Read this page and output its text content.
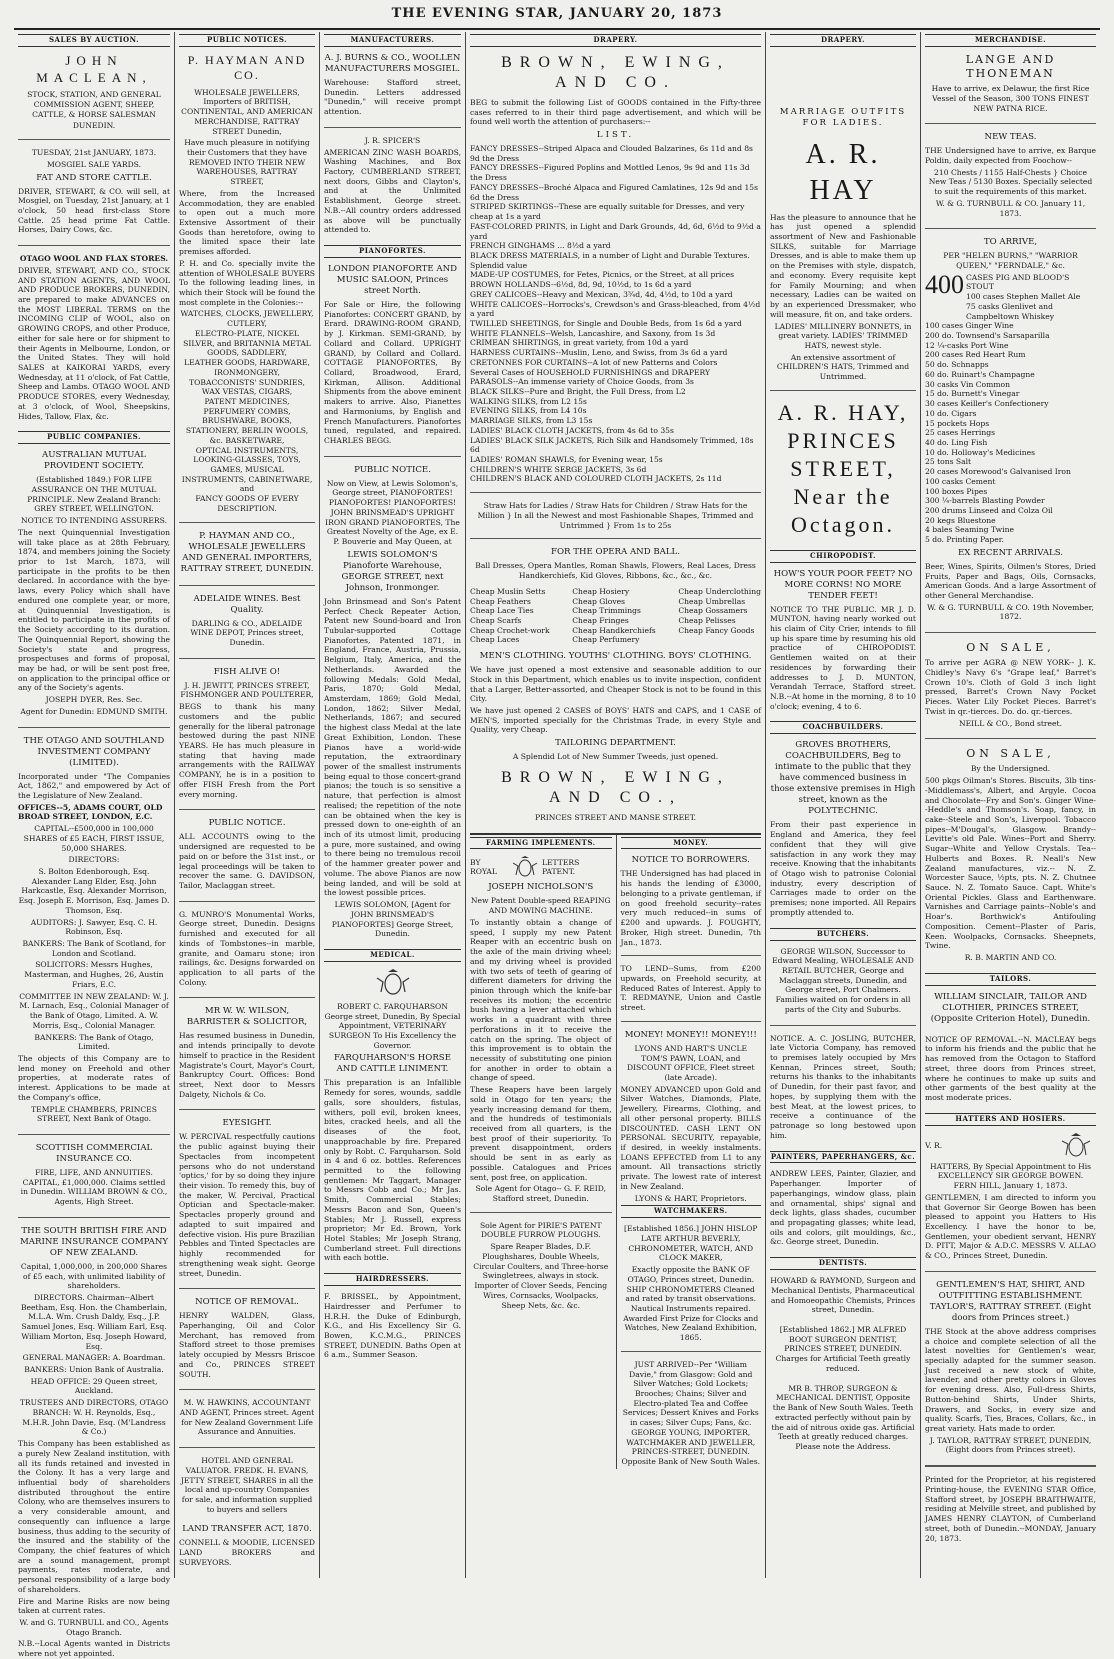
THE EVENING STAR, JANUARY 20, 1873
SALES BY AUCTION.
JOHN MACLEAN,

STOCK, STATION, AND GENERAL COMMISSION AGENT, SHEEP, CATTLE, & HORSE SALESMAN

DUNEDIN.

TUESDAY, 21st JANUARY, 1873.

MOSGIEL SALE YARDS.

FAT AND STORE CATTLE.

DRIVER, STEWART, & CO. will sell, at Mosgiel, on Tuesday, 21st January, at 1 o'clock, 50 head first-class Store Cattle. 25 head prime Fat Cattle. Horses, Dairy Cows, &c.

OTAGO WOOL AND FLAX STORES.

DRIVER, STEWART, AND CO., STOCK AND STATION AGENTS, AND WOOL AND PRODUCE BROKERS, DUNEDIN, are prepared to make ADVANCES on the MOST LIBERAL TERMS on the INCOMING CLIP of WOOL, also on GROWING CROPS, and other Produce, either for sale here or for shipment to their Agents in Melbourne, London, or the United States. They will hold SALES at KAIKORAI YARDS, every Wednesday, at 11 o'clock, of Fat Cattle, Sheep and Lambs. OTAGO WOOL AND PRODUCE STORES, every Wednesday, at 3 o'clock, of Wool, Sheepskins, Hides, Tallow, Flax, &c.

PUBLIC COMPANIES.

AUSTRALIAN MUTUAL PROVIDENT SOCIETY.

(Established 1849.) FOR LIFE ASSURANCE ON THE MUTUAL PRINCIPLE. New Zealand Branch: GREY STREET, WELLINGTON.

NOTICE TO INTENDING ASSURERS.

The next Quinquennial Investigation will take place as at 28th February, 1874, and members joining the Society prior to 1st March, 1873, will participate in the profits to be then declared. In accordance with the bye-laws, every Policy which shall have endured one complete year, or more, at Quinquennial Investigation, is entitled to participate in the profits of the Society according to its duration. The Quinquennial Report, showing the Society's state and progress, prospectuses and forms of proposal, may be had, or will be sent post free, on application to the principal office or any of the Society's agents.

JOSEPH DYER, Res. Sec.

Agent for Dunedin: EDMUND SMITH.

THE OTAGO AND SOUTHLAND INVESTMENT COMPANY (LIMITED).

Incorporated under "The Companies Act, 1862," and empowered by Act of the Legislature of New Zealand.

OFFICES--5, ADAMS COURT, OLD BROAD STREET, LONDON, E.C.

CAPITAL--£500,000 in 100,000 SHARES of £5 EACH, FIRST ISSUE, 50,000 SHARES.

DIRECTORS:

S. Bolton Edenborough, Esq. Alexander Lang Elder, Esq. John Harkcastle, Esq. Alexander Morrison, Esq. Joseph E. Morrison, Esq. James D. Thomson, Esq.

AUDITORS: J. Sawyer, Esq. C. H. Robinson, Esq.

BANKERS: The Bank of Scotland, for London and Scotland.

SOLICITORS: Messrs Hughes, Masterman, and Hughes, 26, Austin Friars, E.C.

COMMITTEE IN NEW ZEALAND: W. J. M. Larnach, Esq., Colonial Manager of the Bank of Otago, Limited. A. W. Morris, Esq., Colonial Manager.

BANKERS: The Bank of Otago, Limited.

The objects of this Company are to lend money on Freehold and other properties, at moderate rates of interest. Applications to be made at the Company's office,

TEMPLE CHAMBERS, PRINCES STREET, Next Bank of Otago.

SCOTTISH COMMERCIAL INSURANCE CO.

FIRE, LIFE, AND ANNUITIES. CAPITAL, £1,000,000. Claims settled in Dunedin. WILLIAM BROWN & CO., Agents, High Street.

THE SOUTH BRITISH FIRE AND MARINE INSURANCE COMPANY OF NEW ZEALAND.

Capital, 1,000,000, in 200,000 Shares of £5 each, with unlimited liability of shareholders.

DIRECTORS. Chairman--Albert Beetham, Esq. Hon. the Chamberlain, M.L.A. Wm. Crush Daldy, Esq., J.P. Samuel Jones, Esq. William Earl, Esq. William Morton, Esq. Joseph Howard, Esq.

GENERAL MANAGER: A. Boardman.

BANKERS: Union Bank of Australia.

HEAD OFFICE: 29 Queen street, Auckland.

TRUSTEES AND DIRECTORS, OTAGO BRANCH: W. H. Reynolds, Esq., M.H.R. John Davie, Esq. (M'Landress & Co.)

This Company has been established as a purely New Zealand institution, with all its funds retained and invested in the Colony. It has a very large and influential body of shareholders distributed throughout the entire Colony, who are themselves insurers to a very considerable amount, and consequently can influence a large business, thus adding to the security of the insured and the stability of the Company, the chief features of which are a sound management, prompt payments, rates moderate, and personal responsibility of a large body of shareholders.

Fire and Marine Risks are now being taken at current rates.

W. and G. TURNBULL and CO., Agents Otago Branch.

N.B.--Local Agents wanted in Districts where not yet appointed.

PUBLIC NOTICES.
P. HAYMAN AND CO.

WHOLESALE JEWELLERS, Importers of BRITISH, CONTINENTAL, AND AMERICAN MERCHANDISE, RATTRAY STREET Dunedin,

Have much pleasure in notifying their Customers that they have REMOVED INTO THEIR NEW WAREHOUSES, RATTRAY STREET,

Where, from the Increased Accommodation, they are enabled to open out a much more Extensive Assortment of their Goods than heretofore, owing to the limited space their late premises afforded.

P. H. and Co. specially invite the attention of WHOLESALE BUYERS To the following leading lines, in which their Stock will be found the most complete in the Colonies:--

WATCHES, CLOCKS, JEWELLERY, CUTLERY,

ELECTRO-PLATE, NICKEL SILVER, and BRITANNIA METAL GOODS, SADDLERY,

LEATHER GOODS, HARDWARE, IRONMONGERY,

TOBACCONISTS' SUNDRIES, WAX VESTAS, CIGARS,

PATENT MEDICINES, PERFUMERY COMBS, BRUSHWARE, BOOKS,

STATIONERY, BERLIN WOOLS, &c. BASKETWARE,

OPTICAL INSTRUMENTS, LOOKING-GLASSES, TOYS, GAMES, MUSICAL INSTRUMENTS, CABINETWARE, and

FANCY GOODS OF EVERY DESCRIPTION.

P. HAYMAN AND CO., WHOLESALE JEWELLERS AND GENERAL IMPORTERS, RATTRAY STREET, DUNEDIN.

ADELAIDE WINES. Best Quality.

DARLING & CO., ADELAIDE WINE DEPOT, Princes street, Dunedin.

FISH ALIVE O!

J. H. JEWITT, PRINCES STREET, FISHMONGER AND POULTERER,

BEGS to thank his many customers and the public generally for the liberal patronage bestowed during the past NINE YEARS. He has much pleasure in stating that having made arrangements with the RAILWAY COMPANY, he is in a position to offer FISH Fresh from the Port every morning.

PUBLIC NOTICE.

ALL ACCOUNTS owing to the undersigned are requested to be paid on or before the 31st inst., or legal proceedings will be taken to recover the same. G. DAVIDSON, Tailor, Maclaggan street.

G. MUNRO'S Monumental Works, George street, Dunedin. Designs furnished and executed for all kinds of Tombstones--in marble, granite, and Oamaru stone; iron railings, &c. Designs forwarded on application to all parts of the Colony.

MR W. W. WILSON, BARRISTER & SOLICITOR,

Has resumed business in Dunedin, and intends principally to devote himself to practice in the Resident Magistrate's Court, Mayor's Court, Bankruptcy Court. Offices: Bond street, Next door to Messrs Dalgety, Nichols & Co.

EYESIGHT.

W. PERCIVAL respectfully cautions the public against buying their Spectacles from incompetent persons who do not understand 'optics,' for by so doing they injure their vision. To remedy this, buy of the maker, W. Percival, Practical Optician and Spectacle-maker. Spectacles properly ground and adapted to suit impaired and defective vision. His pure Brazilian Pebbles and Tinted Spectacles are highly recommended for strengthening weak sight. George street, Dunedin.

NOTICE OF REMOVAL.

HENRY WALDEN, Glass, Paperhanging, Oil and Color Merchant, has removed from Stafford street to those premises lately occupied by Messrs Briscoe and Co., PRINCES STREET SOUTH.

M. W. HAWKINS, ACCOUNTANT AND AGENT, Princes street. Agent for New Zealand Government Life Assurance and Annuities.

HOTEL AND GENERAL VALUATOR. FREDK. H. EVANS, JETTY STREET, SHARES in all the local and up-country Companies for sale, and information supplied to buyers and sellers

LAND TRANSFER ACT, 1870.

CONNELL & MOODIE, LICENSED LAND BROKERS and SURVEYORS.

MANUFACTURERS.

A. J. BURNS & CO., WOOLLEN MANUFACTURERS MOSGIEL.

Warehouse: Stafford street, Dunedin. Letters addressed "Dunedin," will receive prompt attention.

J. R. SPICER'S

AMERICAN ZINC WASH BOARDS, Washing Machines, and Box Factory, CUMBERLAND STREET, next doors, Gibbs and Clayton's, and at the Unlimited Establishment, George street. N.B.--All country orders addressed as above will be punctually attended to.

PIANOFORTES.

LONDON PIANOFORTE AND MUSIC SALOON, Princes street North.

For Sale or Hire, the following Pianofortes: CONCERT GRAND, by Erard. DRAWING-ROOM GRAND, by J. Kirkman. SEMI-GRAND, by Collard and Collard. UPRIGHT GRAND, by Collard and Collard. COTTAGE PIANOFORTES, By Collard, Broadwood, Erard, Kirkman, Allison. Additional Shipments from the above eminent makers to arrive. Also, Pianettes and Harmoniums, by English and French Manufacturers. Pianofortes tuned, regulated, and repaired. CHARLES BEGG.

PUBLIC NOTICE.

Now on View, at Lewis Solomon's, George street, PIANOFORTES! PIANOFORTES! PIANOFORTES! JOHN BRINSMEAD'S UPRIGHT IRON GRAND PIANOFORTES, The Greatest Novelty of the Age, ex E. P. Bouverie and May Queen, at

LEWIS SOLOMON'S Pianoforte Warehouse, GEORGE STREET, next Johnson, Ironmonger.

John Brinsmead and Son's Patent Perfect Check Repeater Action, Patent new Sound-board and Iron Tubular-supported Cottage Pianofortes, Patented 1871, in England, France, Austria, Prussia, Belgium, Italy, America, and the Netherlands. Awarded the following Medals: Gold Medal, Paris, 1870; Gold Medal, Amsterdam, 1869; Gold Medal, London, 1862; Silver Medal, Netherlands, 1867; and secured the highest class Medal at the late Great Exhibition, London. These Pianos have a world-wide reputation, the extraordinary power of the smallest instruments being equal to those concert-grand pianos; the touch is so sensitive a nature, that perfection is almost realised; the repetition of the note can be obtained when the key is pressed down to one-eighth of an inch of its utmost limit, producing a pure, more sustained, and owing to there being no tremulous recoil of the hammer greater power and volume. The above Pianos are now being landed, and will be sold at the lowest possible prices.

LEWIS SOLOMON, [Agent for JOHN BRINSMEAD'S PIANOFORTES] George Street, Dunedin.

MEDICAL.

ROBERT C. FARQUHARSON George street, Dunedin, By Special Appointment, VETERINARY SURGEON To His Excellency the Governor.

FARQUHARSON'S HORSE AND CATTLE LINIMENT.

This preparation is an Infallible Remedy for sores, wounds, saddle galls, sore shoulders, fistulas, withers, poll evil, broken knees, bites, cracked heels, and all the diseases of the foot, unapproachable by fire. Prepared only by Robt. C. Farquharson. Sold in 4 and 6 oz. bottles. References permitted to the following gentlemen: Mr Taggart, Manager to Messrs Cobb and Co.; Mr Jas. Smith, Commercial Stables; Messrs Bacon and Son, Queen's Stables; Mr J. Russell, express proprietor; Mr Ed. Brown, York Hotel Stables; Mr Joseph Strang, Cumberland street. Full directions with each bottle.

HAIRDRESSERS.

F. BRISSEL, by Appointment, Hairdresser and Perfumer to H.R.H. the Duke of Edinburgh, K.G., and His Excellency Sir G. Bowen, K.C.M.G., PRINCES STREET, DUNEDIN. Baths Open at 6 a.m., Summer Season.

DRAPERY.
BROWN, EWING, AND CO.

BEG to submit the following List of GOODS contained in the Fifty-three cases referred to in their third page advertisement, and which will be found well worth the attention of purchasers:--

LIST.

FANCY DRESSES--Striped Alpaca and Clouded Balzarines, 6s 11d and 8s 9d the Dress

FANCY DRESSES--Figured Poplins and Mottled Lenos, 9s 9d and 11s 3d the Dress

FANCY DRESSES--Broché Alpaca and Figured Camlatines, 12s 9d and 15s 6d the Dress

STRIPED SKIRTINGS--These are equally suitable for Dresses, and very cheap at 1s a yard

FAST-COLORED PRINTS, in Light and Dark Grounds, 4d, 6d, 6½d to 9½d a yard

FRENCH GINGHAMS ... 8½d a yard

BLACK DRESS MATERIALS, in a number of Light and Durable Textures. Splendid value

MADE-UP COSTUMES, for Fetes, Picnics, or the Street, at all prices

BROWN HOLLANDS--6½d, 8d, 9d, 10½d, to 1s 6d a yard

GREY CALICOES--Heavy and Mexican, 3¾d, 4d, 4½d, to 10d a yard

WHITE CALICOES--Horrocks's, Crewdson's and Grass-bleached, from 4½d a yard

TWILLED SHEETINGS, for Single and Double Beds, from 1s 6d a yard

WHITE FLANNELS--Welsh, Lancashire, and Saxony, from 1s 3d

CRIMEAN SHIRTINGS, in great variety, from 10d a yard

HARNESS CURTAINS--Muslin, Leno, and Swiss, from 3s 6d a yard

CRETONNES FOR CURTAINS--A lot of new Patterns and Colors

Several Cases of HOUSEHOLD FURNISHINGS and DRAPERY

PARASOLS--An immense variety of Choice Goods, from 3s

BLACK SILKS--Pure and Bright, the Full Dress, from L2

WALKING SILKS, from L2 15s

EVENING SILKS, from L4 10s

MARRIAGE SILKS, from L3 15s

LADIES' BLACK CLOTH JACKETS, from 4s 6d to 35s

LADIES' BLACK SILK JACKETS, Rich Silk and Handsomely Trimmed, 18s 6d

LADIES' ROMAN SHAWLS, for Evening wear, 15s

CHILDREN'S WHITE SERGE JACKETS, 3s 6d

CHILDREN'S BLACK AND COLOURED CLOTH JACKETS, 2s 11d

Straw Hats for Ladies / Straw Hats for Children / Straw Hats for the Million } In all the Newest and most Fashionable Shapes, Trimmed and Untrimmed } From 1s to 25s

FOR THE OPERA AND BALL.

Ball Dresses, Opera Mantles, Roman Shawls, Flowers, Real Laces, Dress Handkerchiefs, Kid Gloves, Ribbons, &c., &c., &c.

Cheap Muslin Setts

Cheap Feathers

Cheap Lace Ties

Cheap Scarfs

Cheap Crochet-work

Cheap Laces

Cheap Hosiery

Cheap Gloves

Cheap Trimmings

Cheap Fringes

Cheap Handkerchiefs

Cheap Perfumery

Cheap Underclothing

Cheap Umbrellas

Cheap Gossamers

Cheap Pelisses

Cheap Fancy Goods

MEN'S CLOTHING. YOUTHS' CLOTHING. BOYS' CLOTHING.

We have just opened a most extensive and seasonable addition to our Stock in this Department, which enables us to invite inspection, confident that a Larger, Better-assorted, and Cheaper Stock is not to be found in this City.

We have just opened 2 CASES of BOYS' HATS and CAPS, and 1 CASE of MEN'S, imported specially for the Christmas Trade, in every Style and Quality, very Cheap.

TAILORING DEPARTMENT.

A Splendid Lot of New Summer Tweeds, just opened.

BROWN, EWING, AND CO.,

PRINCES STREET AND MANSE STREET.

FARMING IMPLEMENTS.
BY ROYAL
LETTERS PATENT.

JOSEPH NICHOLSON'S

New Patent Double-speed REAPING AND MOWING MACHINE.

To instantly obtain a change of speed, I supply my new Patent Reaper with an eccentric bush on the axle of the main driving wheel; and my driving wheel is provided with two sets of teeth of gearing of different diameters for driving the pinion through which the knife-bar receives its motion; the eccentric bush having a lever attached which works in a quadrant with three perforations in it to receive the catch on the spring. The object of this improvement is to obtain the necessity of substituting one pinion for another in order to obtain a change of speed.

These Reapers have been largely sold in Otago for ten years; the yearly increasing demand for them, and the hundreds of testimonials received from all quarters, is the best proof of their superiority. To prevent disappointment, orders should be sent in as early as possible. Catalogues and Prices sent, post free, on application.

Sole Agent for Otago-- G. F. REID, Stafford street, Dunedin.

Sole Agent for PIRIE'S PATENT DOUBLE FURROW PLOUGHS.

Spare Reaper Blades, D.F. Ploughshares, Double Wheels, Circular Coulters, and Three-horse Swingletrees, always in stock. Importer of Clover Seeds, Fencing Wires, Cornsacks, Woolpacks, Sheep Nets, &c. &c.

MONEY.

NOTICE TO BORROWERS.

THE Undersigned has had placed in his hands the lending of £3000, belonging to a private gentleman, if on good freehold security--rates very much reduced--in sums of £200 and upwards. J. FOUGHTY, Broker, High street. Dunedin, 7th Jan., 1873.

TO LEND--Sums, from £200 upwards, on Freehold security, at Reduced Rates of Interest. Apply to T. REDMAYNE, Union and Castle street.

MONEY! MONEY!! MONEY!!!

LYONS AND HART'S UNCLE TOM'S PAWN, LOAN, and DISCOUNT OFFICE, Fleet street (late Arcade).

MONEY ADVANCED upon Gold and Silver Watches, Diamonds, Plate, Jewellery, Firearms, Clothing, and all other personal property. BILLS DISCOUNTED. CASH LENT ON PERSONAL SECURITY, repayable, if desired, in weekly instalments. LOANS EFFECTED from L1 to any amount. All transactions strictly private. The lowest rate of interest in New Zealand.

LYONS & HART, Proprietors.

WATCHMAKERS.

[Established 1856.] JOHN HISLOP LATE ARTHUR BEVERLY, CHRONOMETER, WATCH, AND CLOCK MAKER,

Exactly opposite the BANK OF OTAGO, Princes street, Dunedin. SHIP CHRONOMETERS Cleaned and rated by transit observations. Nautical Instruments repaired. Awarded First Prize for Clocks and Watches, New Zealand Exhibition, 1865.

JUST ARRIVED--Per "William Davie," from Glasgow: Gold and Silver Watches; Gold Lockets; Brooches; Chains; Silver and Electro-plated Tea and Coffee Services; Dessert Knives and Forks in cases; Silver Cups; Fans, &c. GEORGE YOUNG, IMPORTER, WATCHMAKER AND JEWELLER, PRINCES-STREET, DUNEDIN. Opposite Bank of New South Wales.

DRAPERY.

MARRIAGE OUTFITS FOR LADIES.

A. R. HAY

Has the pleasure to announce that he has just opened a splendid assortment of New and Fashionable SILKS, suitable for Marriage Dresses, and is able to make them up on the Premises with style, dispatch, and economy. Every requisite kept for Family Mourning; and when necessary, Ladies can be waited on by an experienced Dressmaker, who will measure, fit on, and take orders.

LADIES' MILLINERY BONNETS, in great variety. LADIES' TRIMMED HATS, newest style.

An extensive assortment of CHILDREN'S HATS, Trimmed and Untrimmed.

A. R. HAY, PRINCES STREET, Near the Octagon.
CHIROPODIST.

HOW'S YOUR POOR FEET? NO MORE CORNS! NO MORE TENDER FEET!

NOTICE TO THE PUBLIC. MR J. D. MUNTON, having nearly worked out his claim of City Crier, intends to fill up his spare time by resuming his old practice of CHIROPODIST. Gentlemen waited on at their residences by forwarding their addresses to J. D. MUNTON, Verandah Terrace, Stafford street. N.B.--At home in the morning, 8 to 10 o'clock; evening, 4 to 6.

COACHBUILDERS.

GROVES BROTHERS, COACHBUILDERS, Beg to intimate to the public that they have commenced business in those extensive premises in High street, known as the POLYTECHNIC.

From their past experience in England and America, they feel confident that they will give satisfaction in any work they may receive. Knowing that the inhabitants of Otago wish to patronise Colonial industry, every description of Carriages made to order on the premises; none imported. All Repairs promptly attended to.

BUTCHERS.

GEORGE WILSON, Successor to Edward Mealing, WHOLESALE AND RETAIL BUTCHER, George and Maclaggan streets, Dunedin, and George street, Port Chalmers. Families waited on for orders in all parts of the City and Suburbs.

NOTICE. A. C. JOSLING, BUTCHER, late Victoria Company, has removed to premises lately occupied by Mrs Kennan, Princes street, South; returns his thanks to the inhabitants of Dunedin, for their past favor, and hopes, by supplying them with the best Meat, at the lowest prices, to receive a continuance of the patronage so long bestowed upon him.

PAINTERS, PAPERHANGERS, &c.

ANDREW LEES, Painter, Glazier, and Paperhanger. Importer of paperhangings, window glass, plain and ornamental, ships' signal and deck lights, glass shades, cucumber and propagating glasses; white lead, oils and colors, gilt mouldings, &c., &c. George street, Dunedin.

DENTISTS.

HOWARD & RAYMOND, Surgeon and Mechanical Dentists, Pharmaceutical and Homoeopathic Chemists, Princes street, Dunedin.

[Established 1862.] MR ALFRED BOOT SURGEON DENTIST, PRINCES STREET, DUNEDIN. Charges for Artificial Teeth greatly reduced.

MR B. THROP, SURGEON & MECHANICAL DENTIST, Opposite the Bank of New South Wales. Teeth extracted perfectly without pain by the aid of nitrous oxide gas. Artificial Teeth at greatly reduced charges. Please note the Address.

MERCHANDISE.

LANGE AND THONEMAN

Have to arrive, ex Delawur, the first Rice Vessel of the Season, 300 TONS FINEST NEW PATNA RICE.

NEW TEAS.

THE Undersigned have to arrive, ex Barque Poldin, daily expected from Foochow--

210 Chests / 1155 Half-Chests } Choice New Teas / 5130 Boxes. Specially selected to suit the requirements of this market.

W. & G. TURNBULL & CO. January 11, 1873.

TO ARRIVE,

PER "HELEN BURNS," "WARRIOR QUEEN," "FERNDALE," &c.

400 CASES PIG AND BLOOD'S STOUT

100 cases Stephen Mallet Ale

75 casks Glenlivet and Campbeltown Whiskey

100 cases Ginger Wine

200 do. Townsend's Sarsaparilla

12 ¼-casks Port Wine

200 cases Red Heart Rum

50 do. Schnapps

60 do. Ruinart's Champagne

30 casks Vin Common

15 do. Burnett's Vinegar

30 cases Keiller's Confectionery

10 do. Cigars

15 pockets Hops

25 cases Herrings

40 do. Ling Fish

10 do. Holloway's Medicines

25 tons Salt

20 cases Morewood's Galvanised Iron

100 casks Cement

100 boxes Pipes

300 ¼-barrels Blasting Powder

200 drums Linseed and Colza Oil

20 kegs Bluestone

4 bales Seaming Twine

5 do. Printing Paper.

EX RECENT ARRIVALS.

Beer, Wines, Spirits, Oilmen's Stores, Dried Fruits, Paper and Bags, Oils, Cornsacks, American Goods. And a large Assortment of other General Merchandise.

W. & G. TURNBULL & CO. 19th November, 1872.

ON SALE,

To arrive per AGRA @ NEW YORK-- J. K. Chidley's Navy 6's "Grape leaf," Barret's Crown 10's. Cloth of Gold 3 inch light pressed, Barret's Crown Navy Pocket Pieces. Water Lily Pocket Pieces. Barret's Twist in qr.-tierces. Do. do. qr.-tierces.

NEILL & CO., Bond street.

ON SALE,

By the Undersigned.

500 pkgs Oilman's Stores. Biscuits, 3lb tins--Middlemass's, Albert, and Argyle. Cocoa and Chocolate--Fry and Son's. Ginger Wine--Heddle's and Thomson's. Soap, fancy, in cake--Steele and Son's, Liverpool. Tobacco pipes--M'Dougal's, Glasgow. Brandy--Levitte's old Pale. Wines--Port and Sherry. Sugar--White and Yellow Crystals. Tea--Hulberts and Boxes. R. Neall's New Zealand manufactures, viz.-- N. Z. Worcester Sauce, ½pts, pts. N. Z. Chutnee Sauce. N. Z. Tomato Sauce. Capt. White's Oriental Pickles. Glass and Earthenware. Varnishes and Carriage paints--Noble's and Hoar's. Borthwick's Antifouling Composition. Cement--Plaster of Paris, Keen. Woolpacks, Cornsacks. Sheepnets, Twine.

R. B. MARTIN AND CO.

TAILORS.

WILLIAM SINCLAIR, TAILOR AND CLOTHIER, PRINCES STREET, (Opposite Criterion Hotel), Dunedin.

NOTICE OF REMOVAL.--N. MACLEAY begs to inform his friends and the public that he has removed from the Octagon to Stafford street, three doors from Princes street, where he continues to make up suits and other garments of the best quality at the most moderate prices.

HATTERS AND HOSIERS.
V. R.

HATTERS, By Special Appointment to His EXCELLENCY SIR GEORGE BOWEN. FERN HILL, January 1, 1873.

GENTLEMEN, I am directed to inform you that Governor Sir George Bowen has been pleased to appoint you Hatters to His Excellency. I have the honor to be, Gentlemen, your obedient servant, HENRY D. PITT, Major & A.D.C. MESSRS V. ALLAO & CO., Princes Street, Dunedin.

GENTLEMEN'S HAT, SHIRT, AND OUTFITTING ESTABLISHMENT. TAYLOR'S, RATTRAY STREET. (Eight doors from Princes street.)

THE Stock at the above address comprises a choice and complete selection of all the latest novelties for Gentlemen's wear, specially adapted for the summer season. Just received a new stock of white, lavender, and other pretty colors in Gloves for evening dress. Also, Full-dress Shirts, Button-behind Shirts, Under Shirts, Drawers, and Socks, in every size and quality. Scarfs, Ties, Braces, Collars, &c., in great variety. Hats made to order.

J. TAYLOR, RATTRAY STREET, DUNEDIN, (Eight doors from Princes street).

Printed for the Proprietor, at his registered Printing-house, the EVENING STAR Office, Stafford street, by JOSEPH BRAITHWAITE, residing at Melville street, and published by JAMES HENRY CLAYTON, of Cumberland street, both of Dunedin.--MONDAY, January 20, 1873.
